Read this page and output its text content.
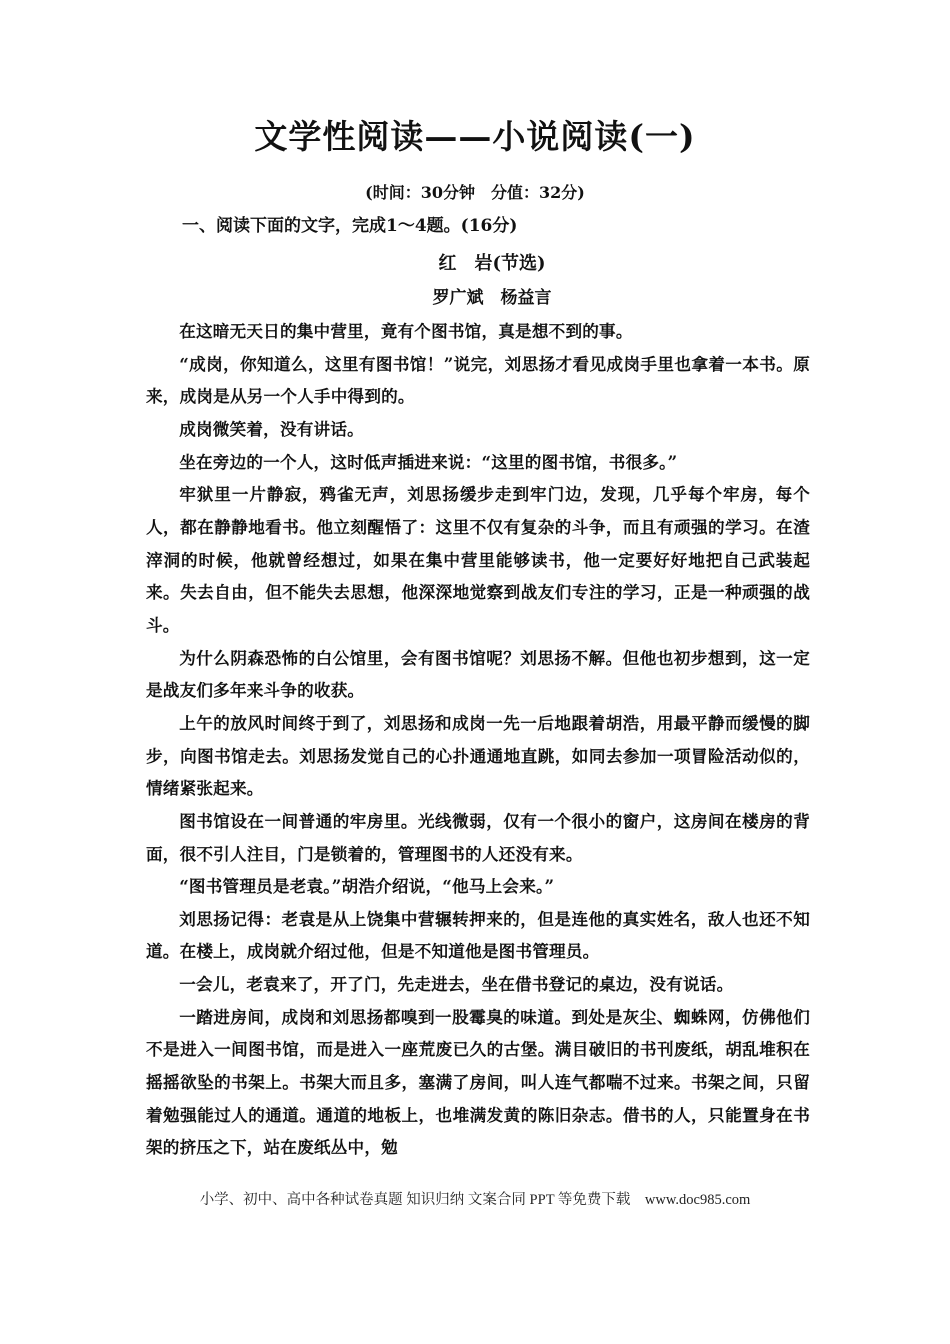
文学性阅读——小说阅读(一)
(时间：30分钟　分值：32分)
一、阅读下面的文字，完成1～4题。(16分)
红　岩(节选)
罗广斌　杨益言

在这暗无天日的集中营里，竟有个图书馆，真是想不到的事。

“成岗，你知道么，这里有图书馆！”说完，刘思扬才看见成岗手里也拿着一本书。原来，成岗是从另一个人手中得到的。

成岗微笑着，没有讲话。

坐在旁边的一个人，这时低声插进来说：“这里的图书馆，书很多。”

牢狱里一片静寂，鸦雀无声，刘思扬缓步走到牢门边，发现，几乎每个牢房，每个人，都在静静地看书。他立刻醒悟了：这里不仅有复杂的斗争，而且有顽强的学习。在渣滓洞的时候，他就曾经想过，如果在集中营里能够读书，他一定要好好地把自己武装起来。失去自由，但不能失去思想，他深深地觉察到战友们专注的学习，正是一种顽强的战斗。

为什么阴森恐怖的白公馆里，会有图书馆呢？刘思扬不解。但他也初步想到，这一定是战友们多年来斗争的收获。

上午的放风时间终于到了，刘思扬和成岗一先一后地跟着胡浩，用最平静而缓慢的脚步，向图书馆走去。刘思扬发觉自己的心扑通通地直跳，如同去参加一项冒险活动似的，情绪紧张起来。

图书馆设在一间普通的牢房里。光线微弱，仅有一个很小的窗户，这房间在楼房的背面，很不引人注目，门是锁着的，管理图书的人还没有来。

“图书管理员是老袁。”胡浩介绍说，“他马上会来。”

刘思扬记得：老袁是从上饶集中营辗转押来的，但是连他的真实姓名，敌人也还不知道。在楼上，成岗就介绍过他，但是不知道他是图书管理员。

一会儿，老袁来了，开了门，先走进去，坐在借书登记的桌边，没有说话。

一踏进房间，成岗和刘思扬都嗅到一股霉臭的味道。到处是灰尘、蜘蛛网，仿佛他们不是进入一间图书馆，而是进入一座荒废已久的古堡。满目破旧的书刊废纸，胡乱堆积在摇摇欲坠的书架上。书架大而且多，塞满了房间，叫人连气都喘不过来。书架之间，只留着勉强能过人的通道。通道的地板上，也堆满发黄的陈旧杂志。借书的人，只能置身在书架的挤压之下，站在废纸丛中，勉

小学、初中、高中各种试卷真题 知识归纳 文案合同 PPT 等免费下载　www.doc985.com
